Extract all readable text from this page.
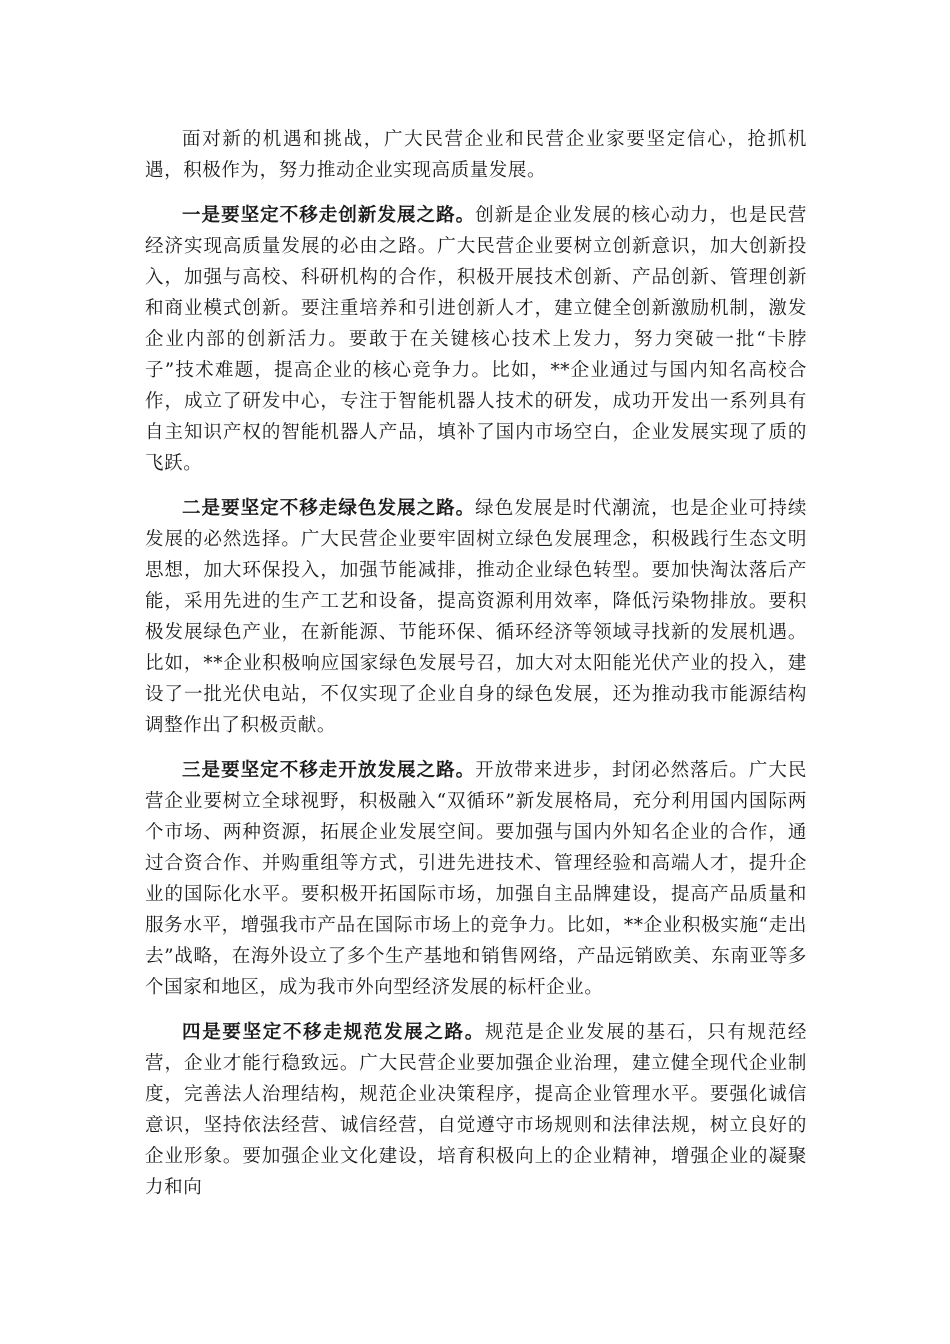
面对新的机遇和挑战，广大民营企业和民营企业家要坚定信心，抢抓机遇，积极作为，努力推动企业实现高质量发展。

一是要坚定不移走创新发展之路。创新是企业发展的核心动力，也是民营经济实现高质量发展的必由之路。广大民营企业要树立创新意识，加大创新投入，加强与高校、科研机构的合作，积极开展技术创新、产品创新、管理创新和商业模式创新。要注重培养和引进创新人才，建立健全创新激励机制，激发企业内部的创新活力。要敢于在关键核心技术上发力，努力突破一批“卡脖子”技术难题，提高企业的核心竞争力。比如，**企业通过与国内知名高校合作，成立了研发中心，专注于智能机器人技术的研发，成功开发出一系列具有自主知识产权的智能机器人产品，填补了国内市场空白，企业发展实现了质的飞跃。

二是要坚定不移走绿色发展之路。绿色发展是时代潮流，也是企业可持续发展的必然选择。广大民营企业要牢固树立绿色发展理念，积极践行生态文明思想，加大环保投入，加强节能减排，推动企业绿色转型。要加快淘汰落后产能，采用先进的生产工艺和设备，提高资源利用效率，降低污染物排放。要积极发展绿色产业，在新能源、节能环保、循环经济等领域寻找新的发展机遇。比如，**企业积极响应国家绿色发展号召，加大对太阳能光伏产业的投入，建设了一批光伏电站，不仅实现了企业自身的绿色发展，还为推动我市能源结构调整作出了积极贡献。

三是要坚定不移走开放发展之路。开放带来进步，封闭必然落后。广大民营企业要树立全球视野，积极融入“双循环”新发展格局，充分利用国内国际两个市场、两种资源，拓展企业发展空间。要加强与国内外知名企业的合作，通过合资合作、并购重组等方式，引进先进技术、管理经验和高端人才，提升企业的国际化水平。要积极开拓国际市场，加强自主品牌建设，提高产品质量和服务水平，增强我市产品在国际市场上的竞争力。比如，**企业积极实施“走出去”战略，在海外设立了多个生产基地和销售网络，产品远销欧美、东南亚等多个国家和地区，成为我市外向型经济发展的标杆企业。

四是要坚定不移走规范发展之路。规范是企业发展的基石，只有规范经营，企业才能行稳致远。广大民营企业要加强企业治理，建立健全现代企业制度，完善法人治理结构，规范企业决策程序，提高企业管理水平。要强化诚信意识，坚持依法经营、诚信经营，自觉遵守市场规则和法律法规，树立良好的企业形象。要加强企业文化建设，培育积极向上的企业精神，增强企业的凝聚力和向
